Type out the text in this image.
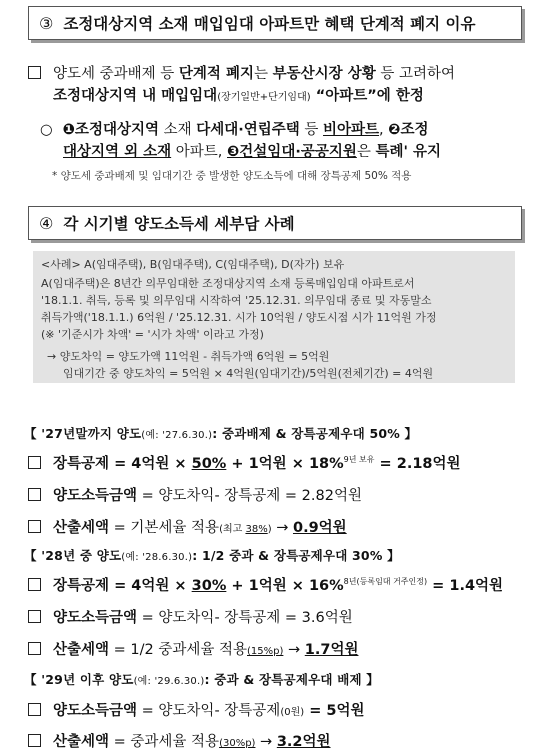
③ 조정대상지역 소재 매입임대 아파트만 혜택 단계적 폐지 이유
양도세 중과배제 등 단계적 폐지는 부동산시장 상황 등 고려하여
조정대상지역 내 매입임대(장기일반+단기임대) “아파트”에 한정
○ ❶조정대상지역 소재 다세대·연립주택 등 비아파트, ❷조정
대상지역 외 소재 아파트, ❸건설임대·공공지원은 특례' 유지
* 양도세 중과배제 및 임대기간 중 발생한 양도소득에 대해 장특공제 50% 적용
④ 각 시기별 양도소득세 세부담 사례
<사례> A(임대주택), B(임대주택), C(임대주택), D(자가) 보유
A(임대주택)은 8년간 의무임대한 조정대상지역 소재 등록매입임대 아파트로서
'18.1.1. 취득, 등록 및 의무임대 시작하여 '25.12.31. 의무임대 종료 및 자동말소
취득가액('18.1.1.) 6억원 / '25.12.31. 시가 10억원 / 양도시점 시가 11억원 가정
(※ '기준시가 차액' = '시가 차액' 이라고 가정)
→ 양도차익 = 양도가액 11억원 - 취득가액 6억원 = 5억원
임대기간 중 양도차익 = 5억원 × 4억원(임대기간)/5억원(전체기간) = 4억원
【 '27년말까지 양도(예: '27.6.30.): 중과배제 & 장특공제우대 50% 】
장특공제 = 4억원 × 50% + 1억원 × 18%$^{9년 보유}$ = 2.18억원
양도소득금액 = 양도차익- 장특공제 = 2.82억원
산출세액 = 기본세율 적용(최고 38%) → 0.9억원
【 '28년 중 양도(예: '28.6.30.): 1/2 중과 & 장특공제우대 30% 】
장특공제 = 4억원 × 30% + 1억원 × 16%$^{8년(등록임대 거주인정)}$ = 1.4억원
양도소득금액 = 양도차익- 장특공제 = 3.6억원
산출세액 = 1/2 중과세율 적용(15%p) → 1.7억원
【 '29년 이후 양도(예: '29.6.30.): 중과 & 장특공제우대 배제 】
양도소득금액 = 양도차익- 장특공제(0원) = 5억원
산출세액 = 중과세율 적용(30%p) → 3.2억원
